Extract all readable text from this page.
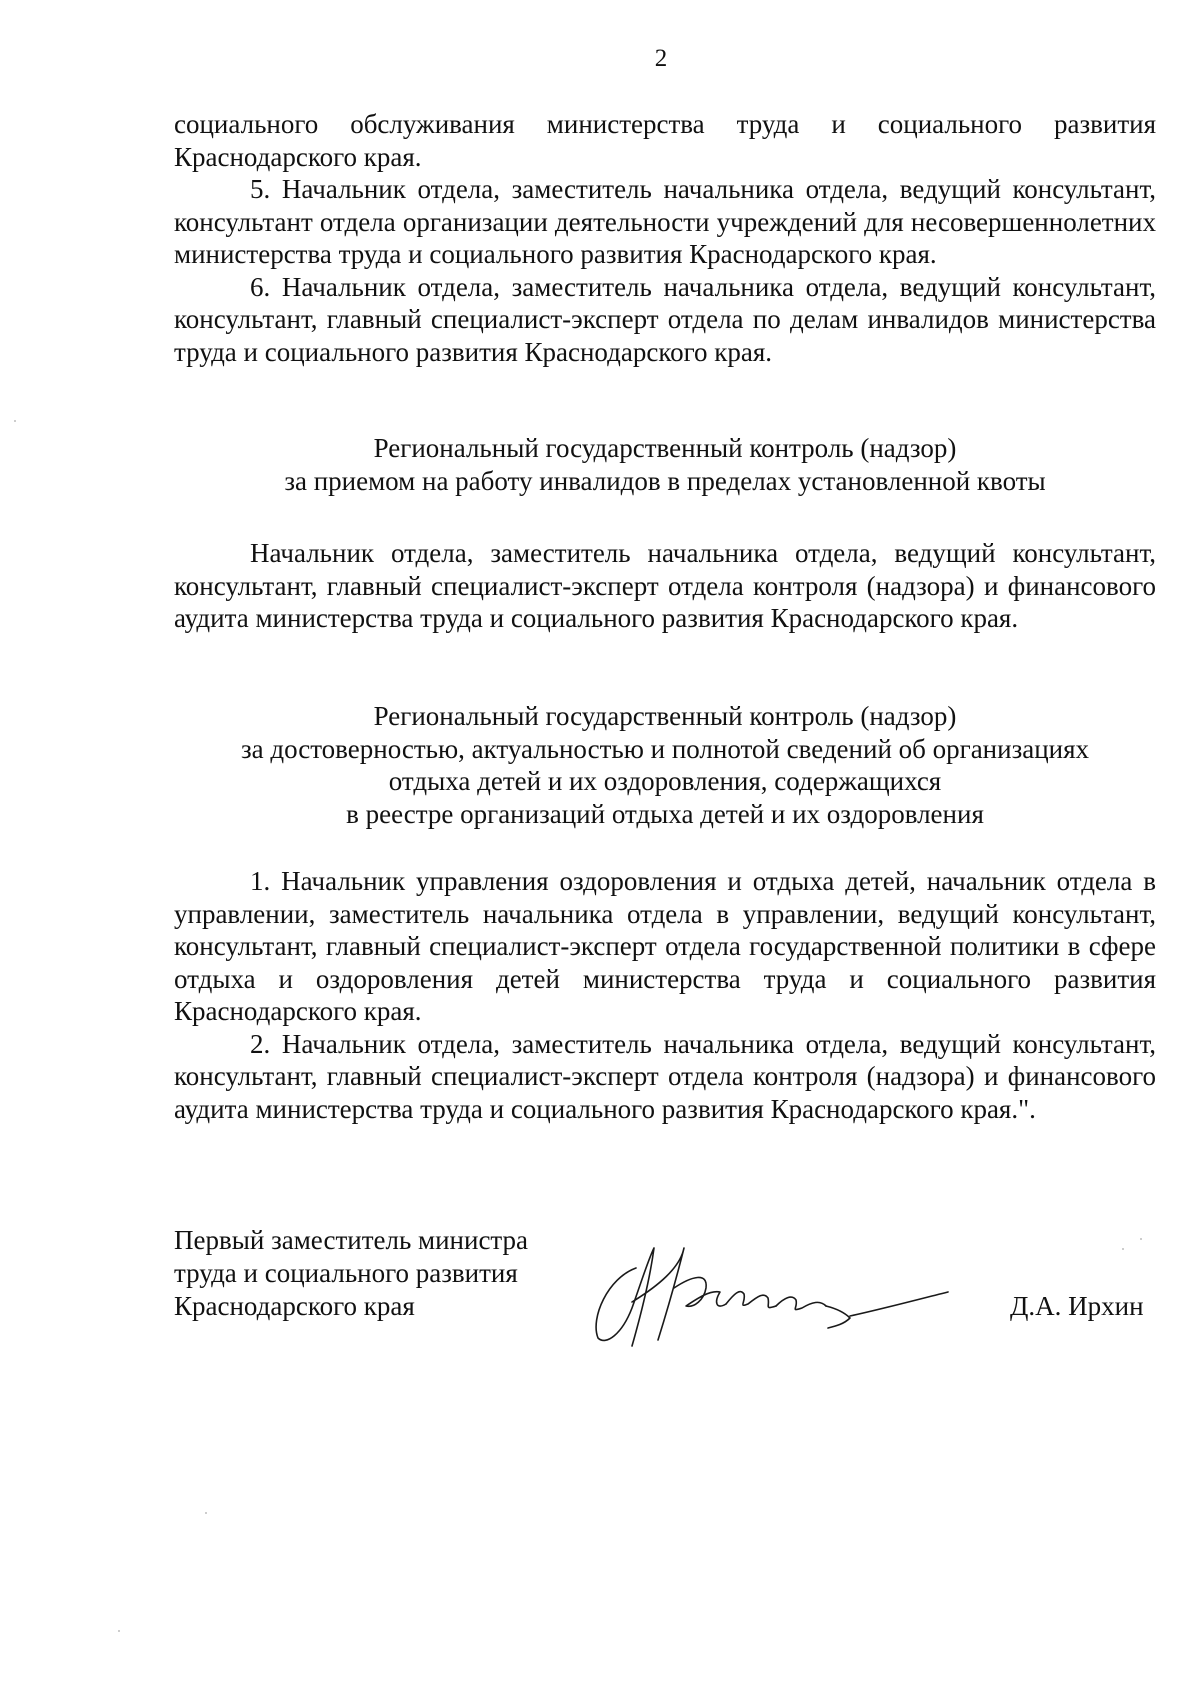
2

социального обслуживания министерства труда и социального развития Краснодарского края.

5. Начальник отдела, заместитель начальника отдела, ведущий консультант, консультант отдела организации деятельности учреждений для несовершеннолетних министерства труда и социального развития Краснодарского края.

6. Начальник отдела, заместитель начальника отдела, ведущий консультант, консультант, главный специалист-эксперт отдела по делам инвалидов министерства труда и социального развития Краснодарского края.

Региональный государственный контроль (надзор)

за приемом на работу инвалидов в пределах установленной квоты

Начальник отдела, заместитель начальника отдела, ведущий консультант, консультант, главный специалист-эксперт отдела контроля (надзора) и финансового аудита министерства труда и социального развития Краснодарского края.

Региональный государственный контроль (надзор)

за достоверностью, актуальностью и полнотой сведений об организациях

отдыха детей и их оздоровления, содержащихся

в реестре организаций отдыха детей и их оздоровления

1. Начальник управления оздоровления и отдыха детей, начальник отдела в управлении, заместитель начальника отдела в управлении, ведущий консультант, консультант, главный специалист-эксперт отдела государственной политики в сфере отдыха и оздоровления детей министерства труда и социального развития Краснодарского края.

2. Начальник отдела, заместитель начальника отдела, ведущий консультант, консультант, главный специалист-эксперт отдела контроля (надзора) и финансового аудита министерства труда и социального развития Краснодарского края.".

Первый заместитель министра
труда и социального развития
Краснодарского края	Д.А. Ирхин
